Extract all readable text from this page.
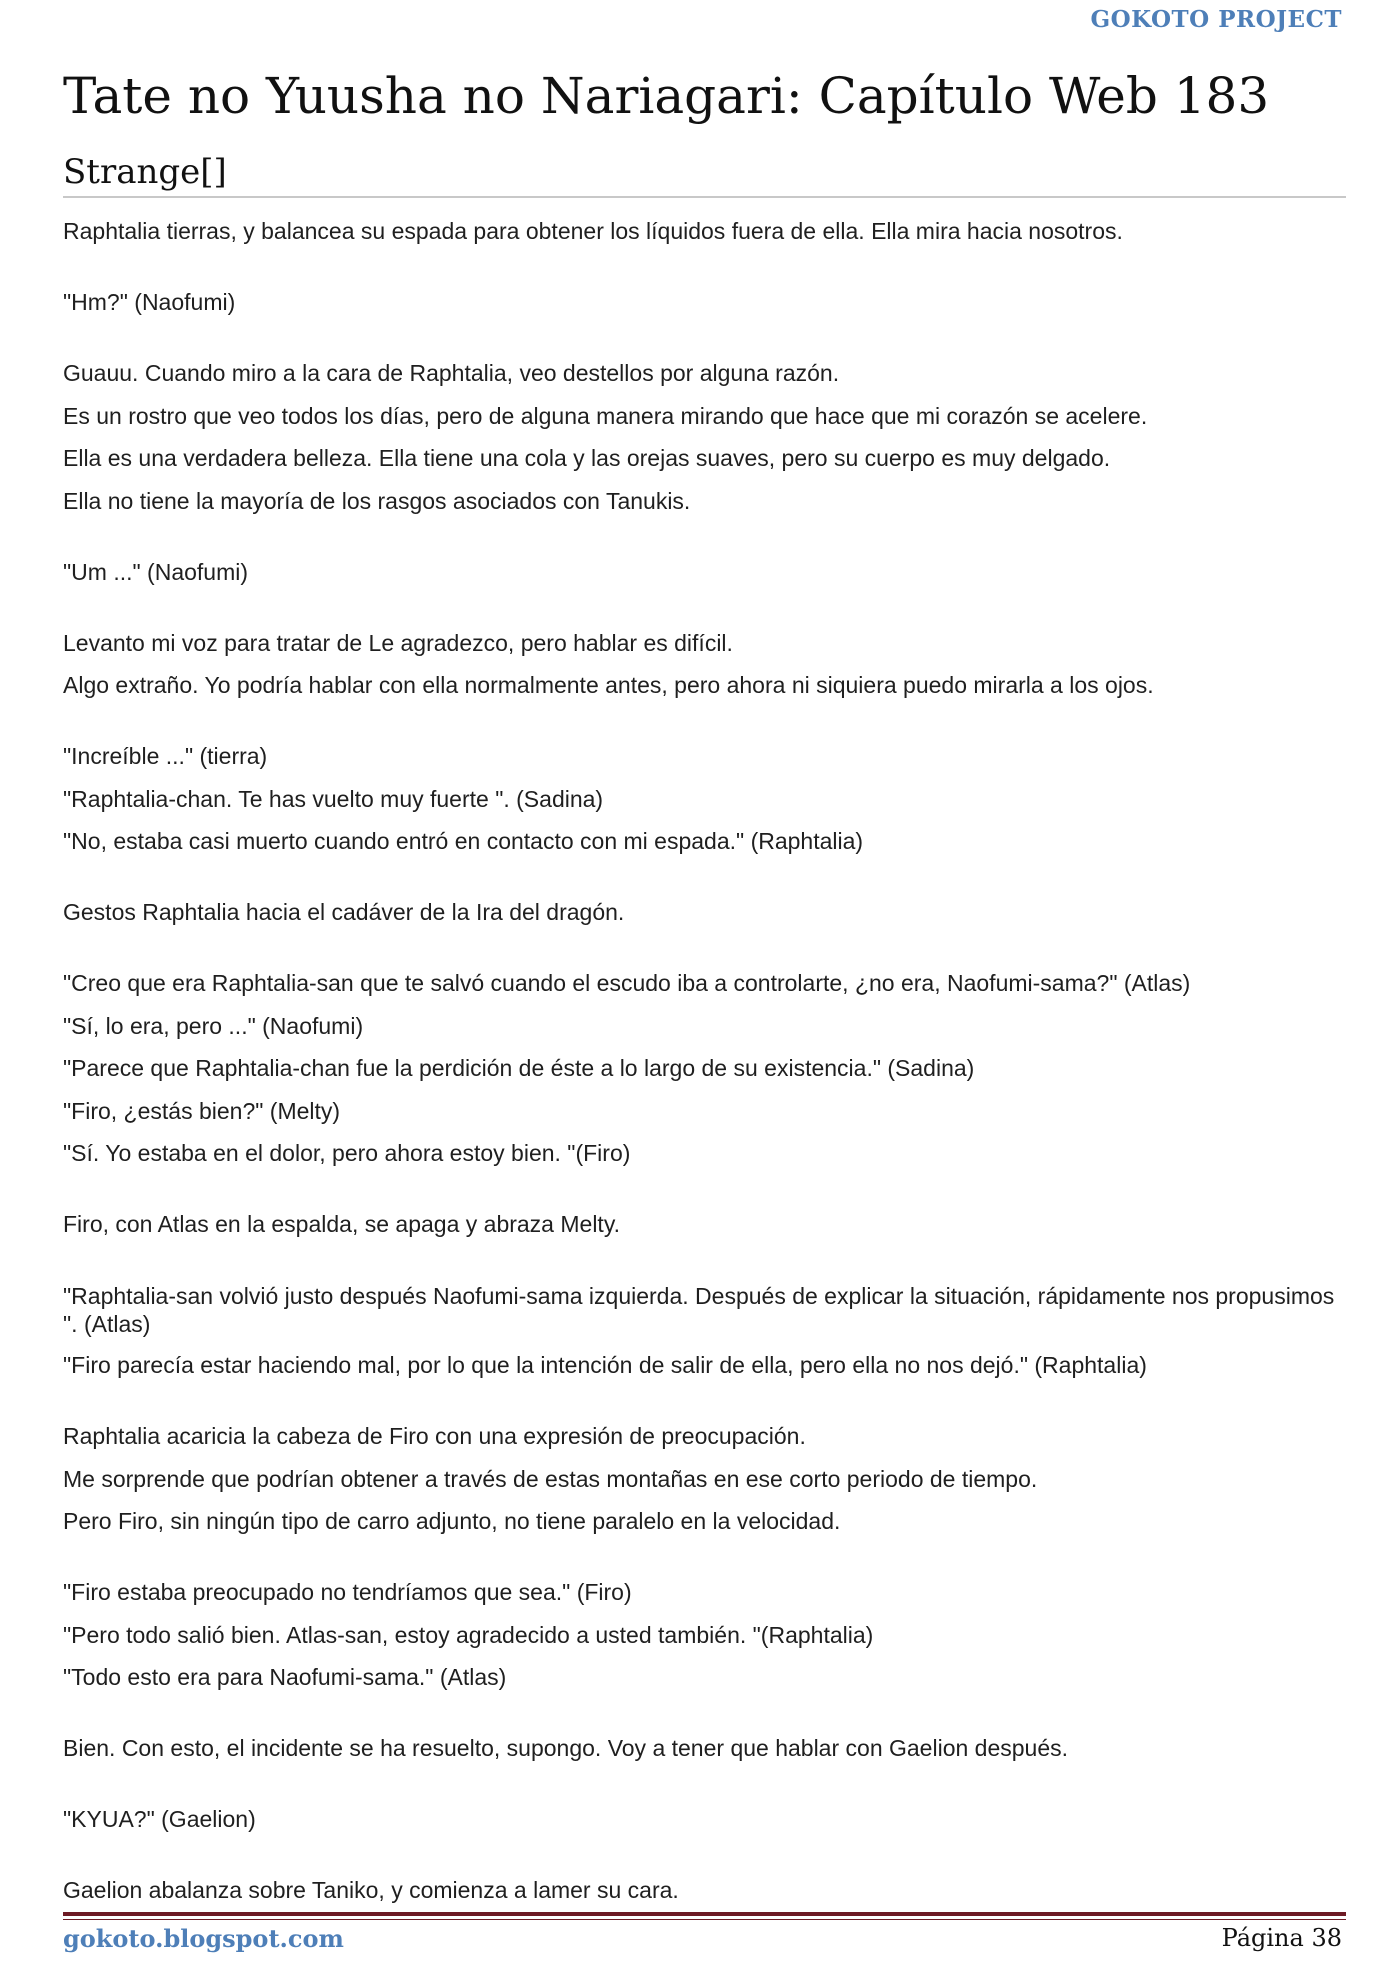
GOKOTO PROJECT
Tate no Yuusha no Nariagari: Capítulo Web 183
Strange[]
Raphtalia tierras, y balancea su espada para obtener los líquidos fuera de ella. Ella mira hacia nosotros.
"Hm?" (Naofumi)
Guauu. Cuando miro a la cara de Raphtalia, veo destellos por alguna razón.
Es un rostro que veo todos los días, pero de alguna manera mirando que hace que mi corazón se acelere.
Ella es una verdadera belleza. Ella tiene una cola y las orejas suaves, pero su cuerpo es muy delgado.
Ella no tiene la mayoría de los rasgos asociados con Tanukis.
"Um ..." (Naofumi)
Levanto mi voz para tratar de Le agradezco, pero hablar es difícil.
Algo extraño. Yo podría hablar con ella normalmente antes, pero ahora ni siquiera puedo mirarla a los ojos.
"Increíble ..." (tierra)
"Raphtalia-chan. Te has vuelto muy fuerte ". (Sadina)
"No, estaba casi muerto cuando entró en contacto con mi espada." (Raphtalia)
Gestos Raphtalia hacia el cadáver de la Ira del dragón.
"Creo que era Raphtalia-san que te salvó cuando el escudo iba a controlarte, ¿no era, Naofumi-sama?" (Atlas)
"Sí, lo era, pero ..." (Naofumi)
"Parece que Raphtalia-chan fue la perdición de éste a lo largo de su existencia." (Sadina)
"Firo, ¿estás bien?" (Melty)
"Sí. Yo estaba en el dolor, pero ahora estoy bien. "(Firo)
Firo, con Atlas en la espalda, se apaga y abraza Melty.
"Raphtalia-san volvió justo después Naofumi-sama izquierda. Después de explicar la situación, rápidamente nos propusimos ". (Atlas)
"Firo parecía estar haciendo mal, por lo que la intención de salir de ella, pero ella no nos dejó." (Raphtalia)
Raphtalia acaricia la cabeza de Firo con una expresión de preocupación.
Me sorprende que podrían obtener a través de estas montañas en ese corto periodo de tiempo.
Pero Firo, sin ningún tipo de carro adjunto, no tiene paralelo en la velocidad.
"Firo estaba preocupado no tendríamos que sea." (Firo)
"Pero todo salió bien. Atlas-san, estoy agradecido a usted también. "(Raphtalia)
"Todo esto era para Naofumi-sama." (Atlas)
Bien. Con esto, el incidente se ha resuelto, supongo. Voy a tener que hablar con Gaelion después.
"KYUA?" (Gaelion)
Gaelion abalanza sobre Taniko, y comienza a lamer su cara.
gokoto.blogspot.com	Página 38
